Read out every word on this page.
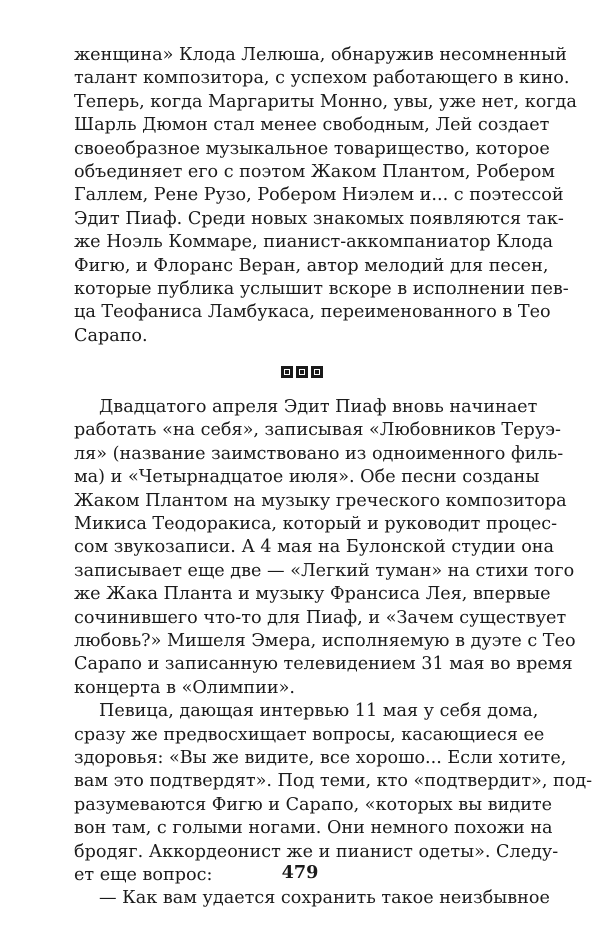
женщина» Клода Лелюша, обнаружив несомненный
талант композитора, с успехом работающего в кино.
Теперь, когда Маргариты Монно, увы, уже нет, когда
Шарль Дюмон стал менее свободным, Лей создает
своеобразное музыкальное товарищество, которое
объединяет его с поэтом Жаком Плантом, Робером
Галлем, Рене Рузо, Робером Ниэлем и... с поэтессой
Эдит Пиаф. Среди новых знакомых появляются так-
же Ноэль Коммаре, пианист-аккомпаниатор Клода
Фигю, и Флоранс Веран, автор мелодий для песен,
которые публика услышит вскоре в исполнении пев-
ца Теофаниса Ламбукаса, переименованного в Тео
Сарапо.
Двадцатого апреля Эдит Пиаф вновь начинает
работать «на себя», записывая «Любовников Теруэ-
ля» (название заимствовано из одноименного филь-
ма) и «Четырнадцатое июля». Обе песни созданы
Жаком Плантом на музыку греческого композитора
Микиса Теодоракиса, который и руководит процес-
сом звукозаписи. А 4 мая на Булонской студии она
записывает еще две — «Легкий туман» на стихи того
же Жака Планта и музыку Франсиса Лея, впервые
сочинившего что-то для Пиаф, и «Зачем существует
любовь?» Мишеля Эмера, исполняемую в дуэте с Тео
Сарапо и записанную телевидением 31 мая во время
концерта в «Олимпии».
Певица, дающая интервью 11 мая у себя дома,
сразу же предвосхищает вопросы, касающиеся ее
здоровья: «Вы же видите, все хорошо... Если хотите,
вам это подтвердят». Под теми, кто «подтвердит», под-
разумеваются Фигю и Сарапо, «которых вы видите
вон там, с голыми ногами. Они немного похожи на
бродяг. Аккордеонист же и пианист одеты». Следу-
ет еще вопрос:
— Как вам удается сохранить такое неизбывное
479
